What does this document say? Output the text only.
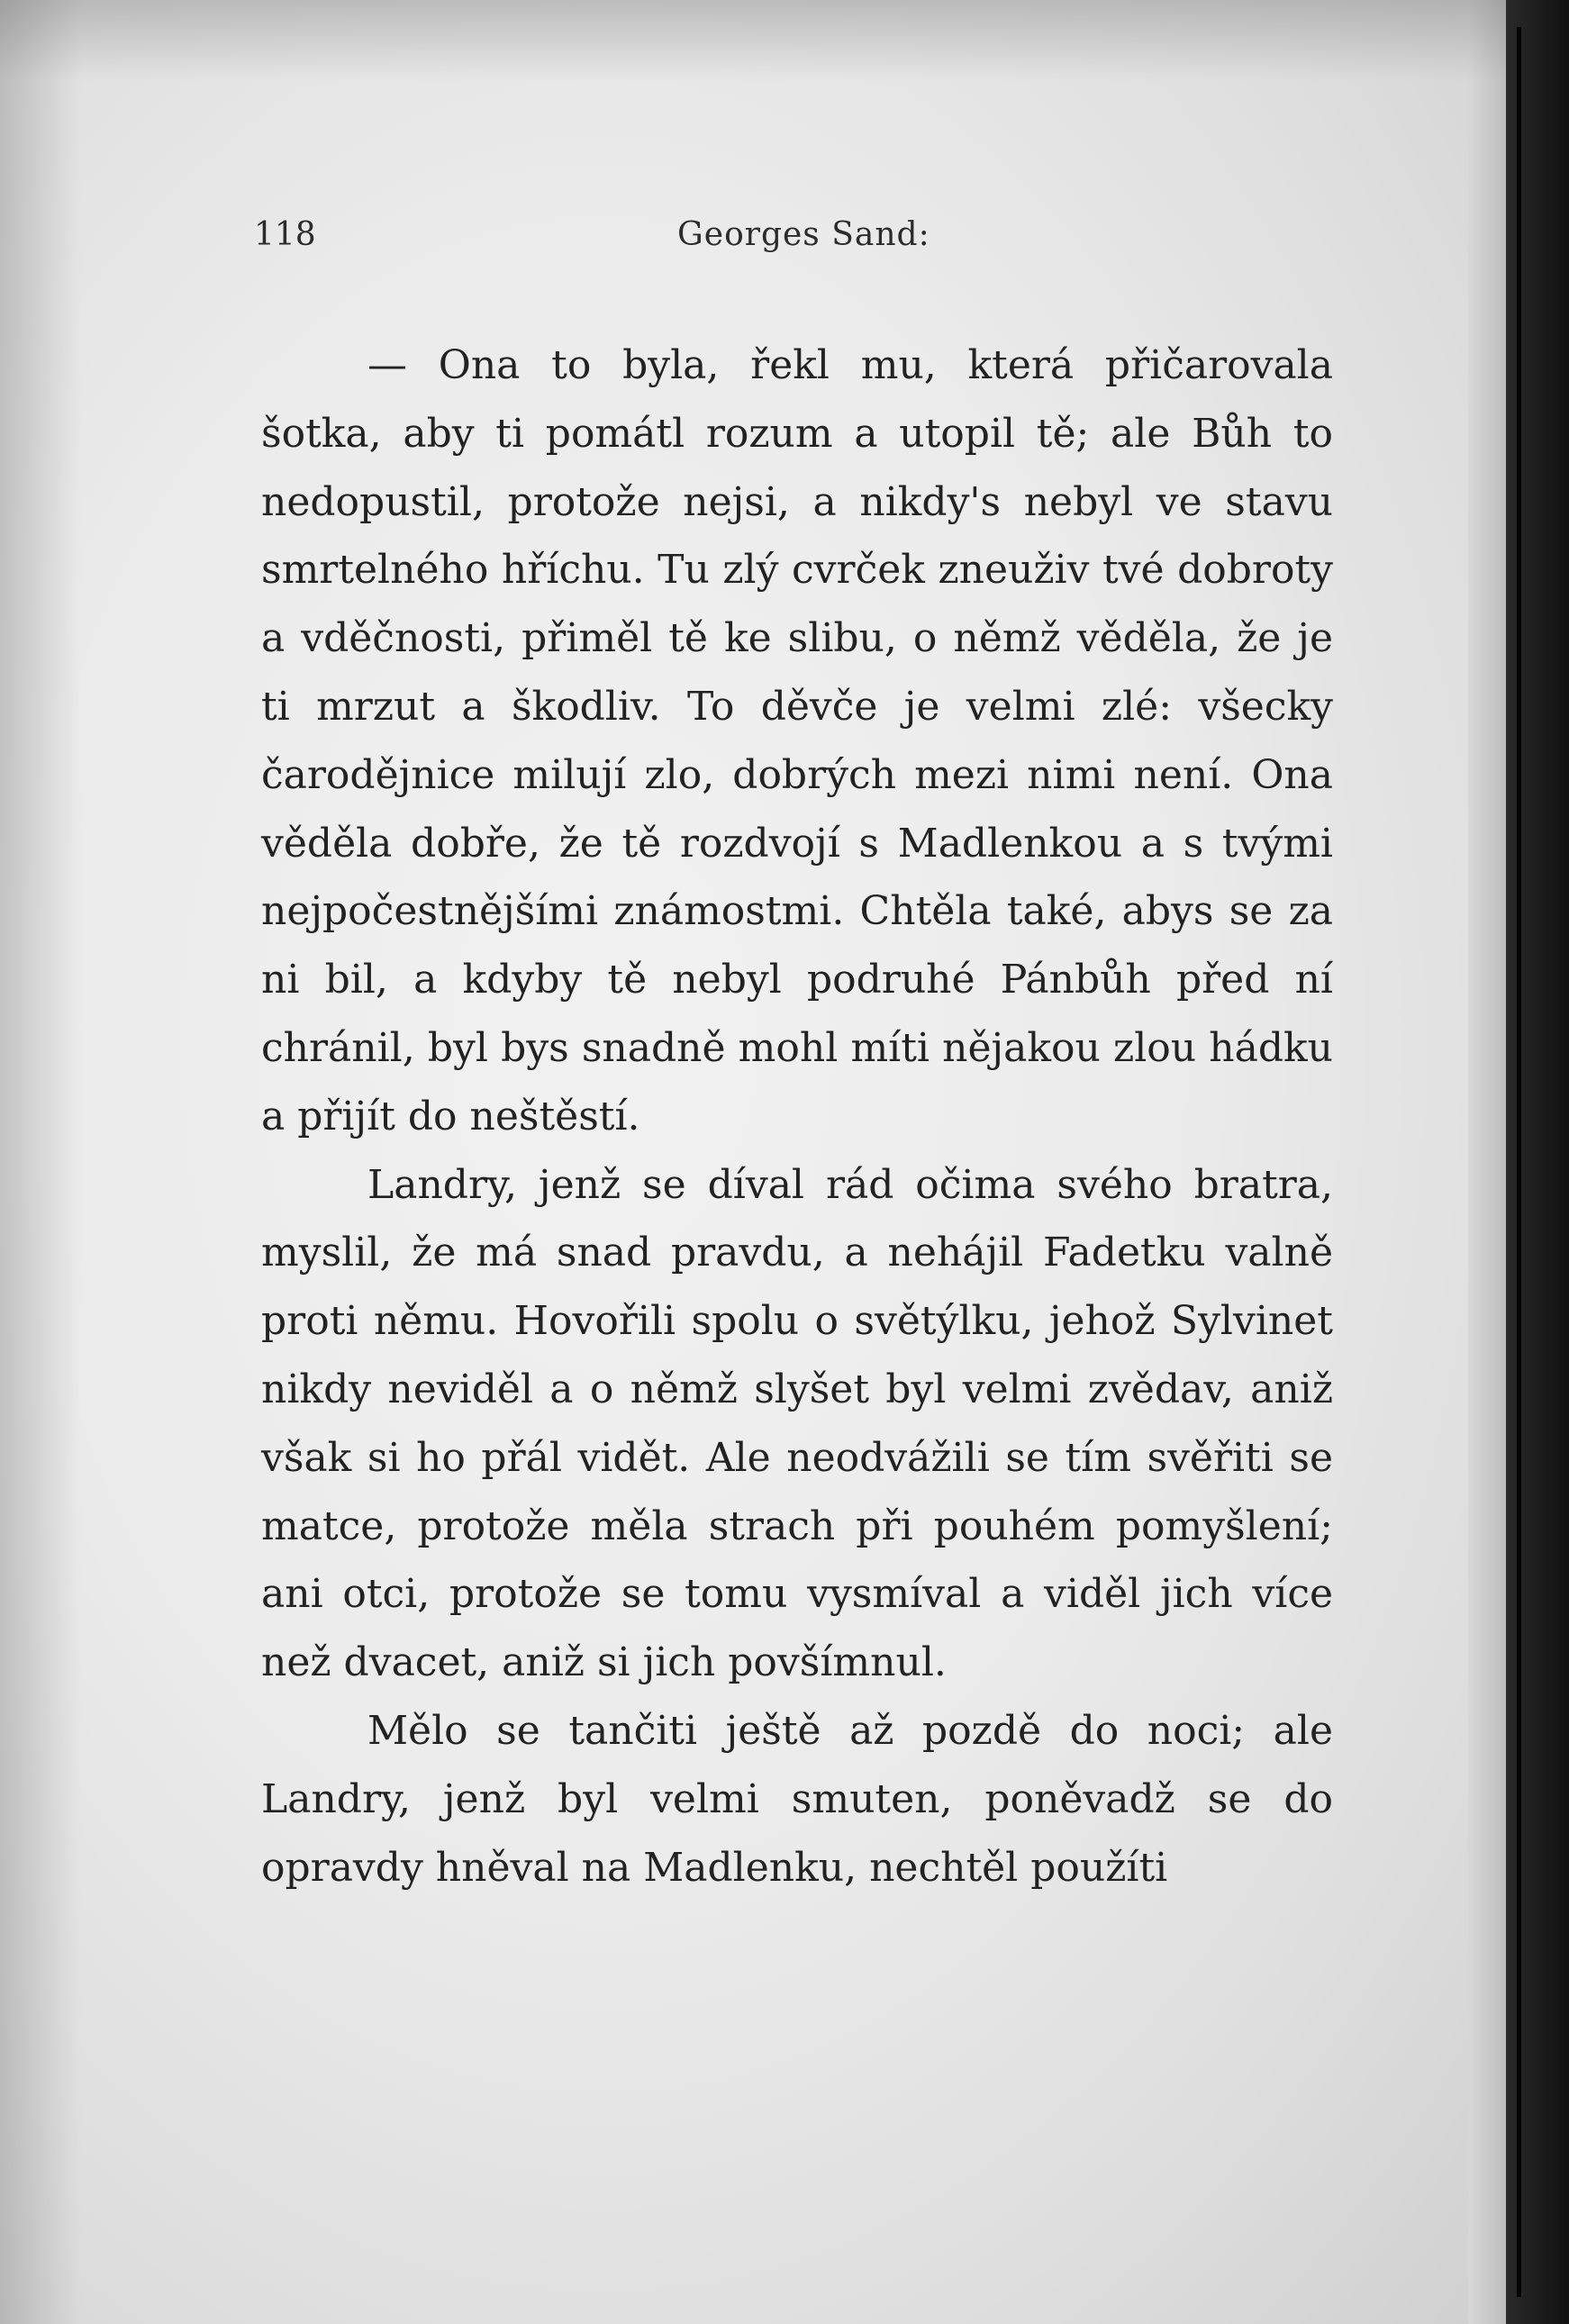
118	Georges Sand:

— Ona to byla, řekl mu, která přičarovala šotka, aby ti pomátl rozum a utopil tě; ale Bůh to nedopustil, protože nejsi, a nikdy's nebyl ve stavu smrtelného hříchu. Tu zlý cvrček zneuživ tvé dobroty a vděčnosti, přiměl tě ke slibu, o němž věděla, že je ti mrzut a škodliv. To děvče je velmi zlé: všecky čarodějnice milují zlo, dobrých mezi nimi není. Ona věděla dobře, že tě rozdvojí s Madlenkou a s tvými nejpočestnějšími známostmi. Chtěla také, abys se za ni bil, a kdyby tě nebyl podruhé Pánbůh před ní chránil, byl bys snadně mohl míti nějakou zlou hádku a přijít do neštěstí.

Landry, jenž se díval rád očima svého bratra, myslil, že má snad pravdu, a nehájil Fadetku valně proti němu. Hovořili spolu o světýlku, jehož Sylvinet nikdy neviděl a o němž slyšet byl velmi zvědav, aniž však si ho přál vidět. Ale neodvážili se tím svěřiti se matce, protože měla strach při pouhém pomyšlení; ani otci, protože se tomu vysmíval a viděl jich více než dvacet, aniž si jich povšímnul.

Mělo se tančiti ještě až pozdě do noci; ale Landry, jenž byl velmi smuten, poněvadž se do opravdy hněval na Madlenku, nechtěl použíti
